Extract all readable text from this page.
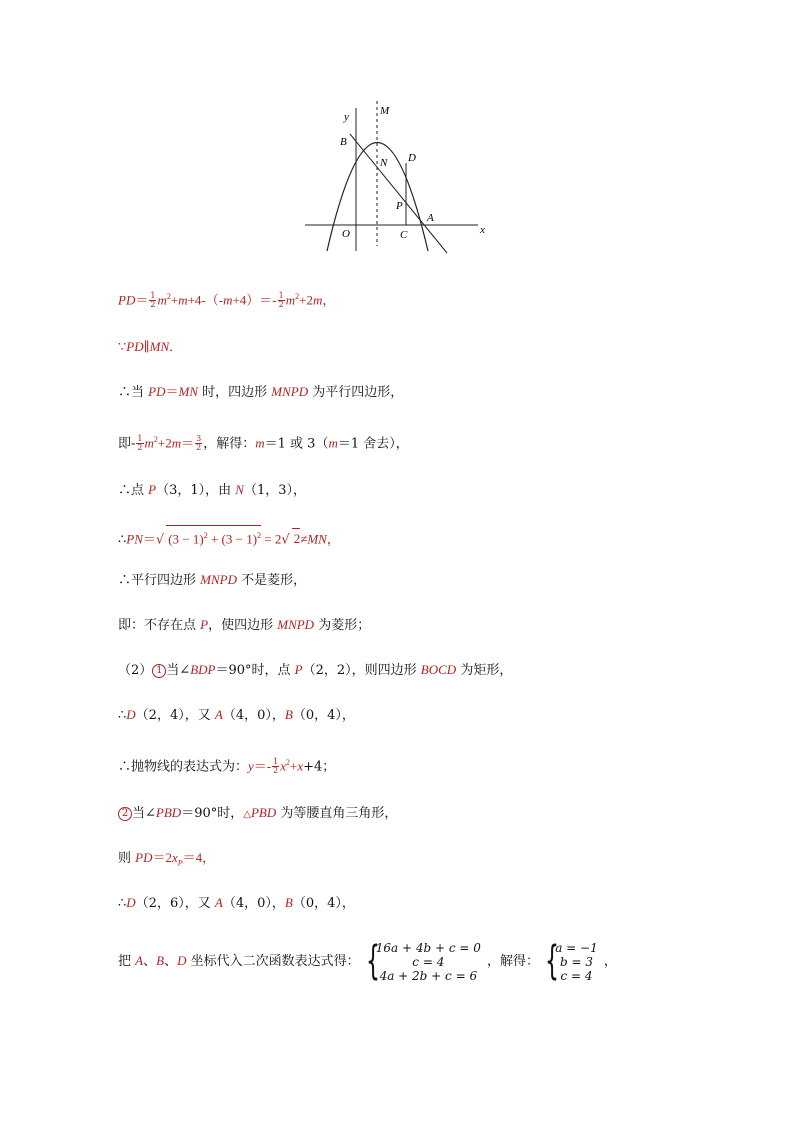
y
x
O
M
B
N D
P
C
A
$PD= \frac{1}{2} m^2+m+4-(-m+4)=- \frac{1}{2} m^2+2m$，
∵PD∥MN．
∴当 PD＝MN 时，四边形 MNPD 为平行四边形，
即- $\frac{1}{2} m^2+2m= \frac{3}{2}$ ，解得：m＝1 或 3（m＝1 舍去），
∴点 P（3，1），由 N（1，3），
∴PN＝√ $(3 - 1)^2 + (3 - 1)^2 = 2√$ 2≠MN，
∴平行四边形 MNPD 不是菱形，
即：不存在点 P，使四边形 MNPD 为菱形；
（2） 1 当∠BDP＝90°时，点 P（2，2），则四边形 BOCD 为矩形，
∴D（2，4），又 A（4，0），B（0，4），
∴抛物线的表达式为：$y=- \frac{1}{2} x^2+x+4$；
2 当∠PBD＝90°时，△PBD 为等腰直角三角形，
则 $PD=2x_P=4$，
∴D（2，6），又 A（4，0），B（0，4），
把 A、B、D 坐标代入二次函数表达式得： {
16a + 4b + c = 0
c = 4
4a + 2b + c = 6
，解得： {
a = −1
b = 3
c = 4
，
